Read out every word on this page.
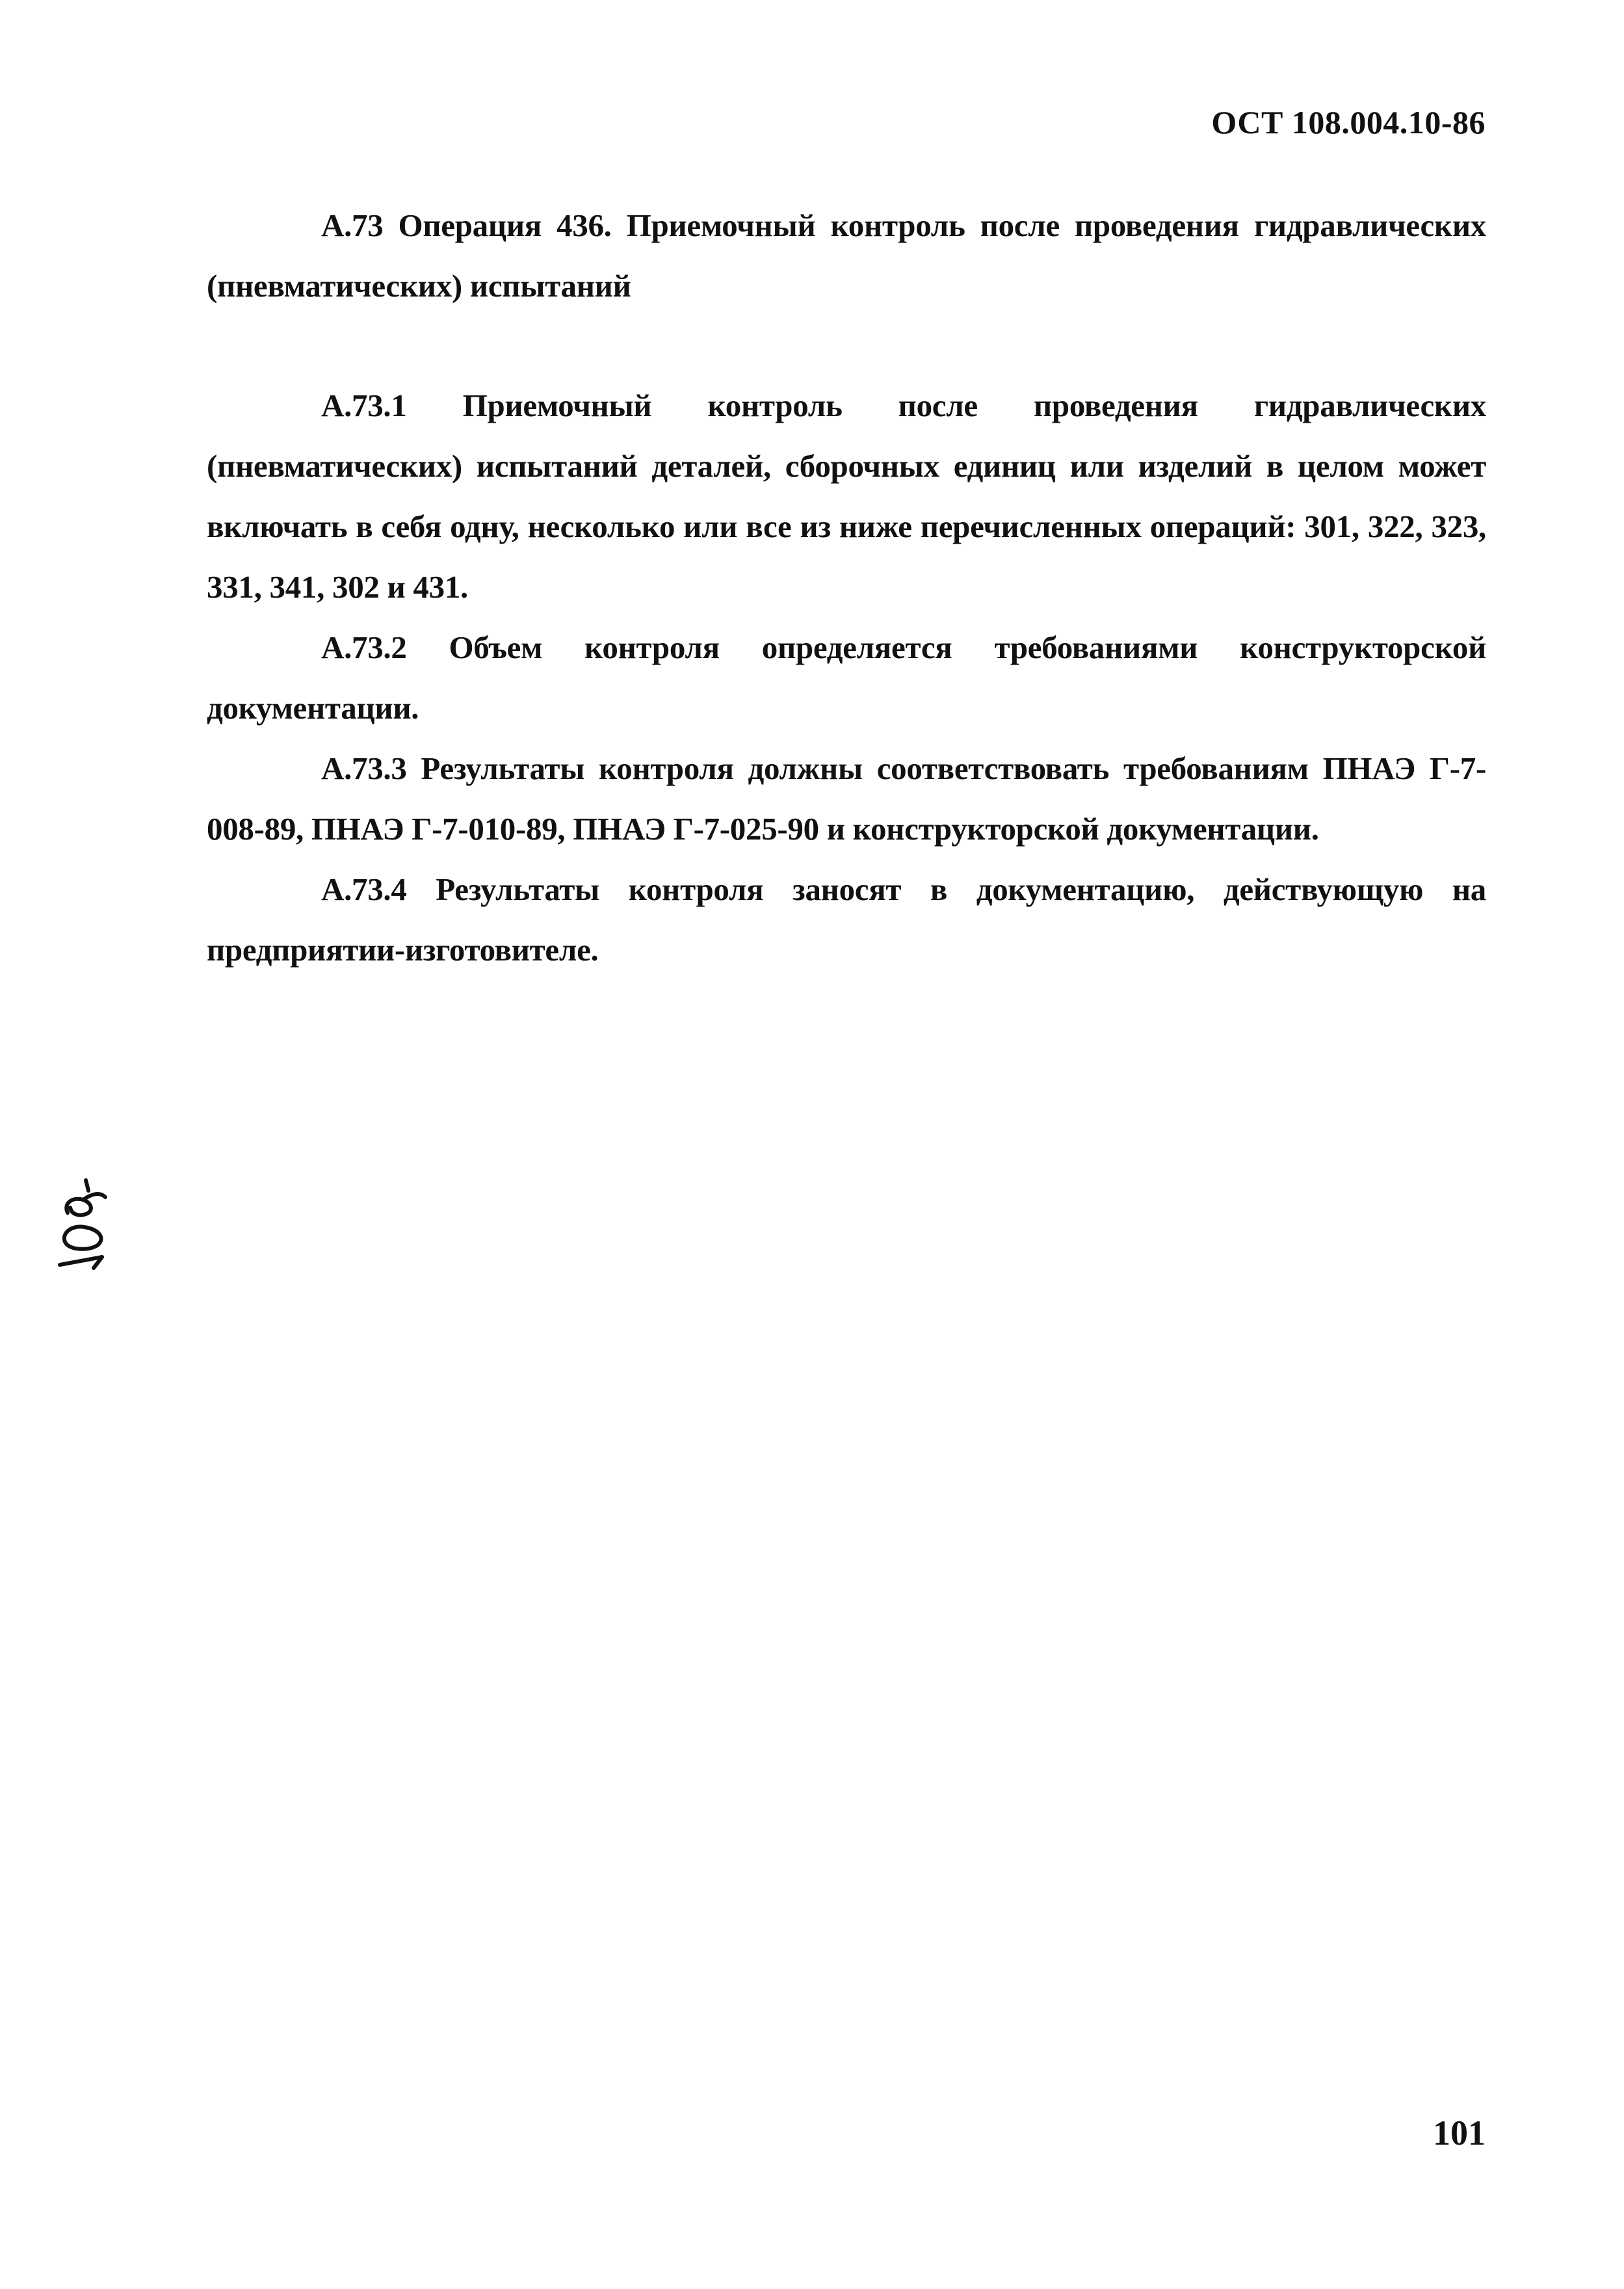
ОСТ 108.004.10-86

А.73 Операция 436. Приемочный контроль после проведения гидравлических (пневматических) испытаний

А.73.1 Приемочный контроль после проведения гидравлических (пневматических) испытаний деталей, сборочных единиц или изделий в целом может включать в себя одну, несколько или все из ниже перечисленных операций: 301, 322, 323, 331, 341, 302 и 431.

А.73.2 Объем контроля определяется требованиями конструкторской документации.

А.73.3 Результаты контроля должны соответствовать требованиям ПНАЭ Г-7-008-89, ПНАЭ Г-7-010-89, ПНАЭ Г-7-025-90 и конструкторской документации.

А.73.4 Результаты контроля заносят в документацию, действующую на предприятии-изготовителе.

101
